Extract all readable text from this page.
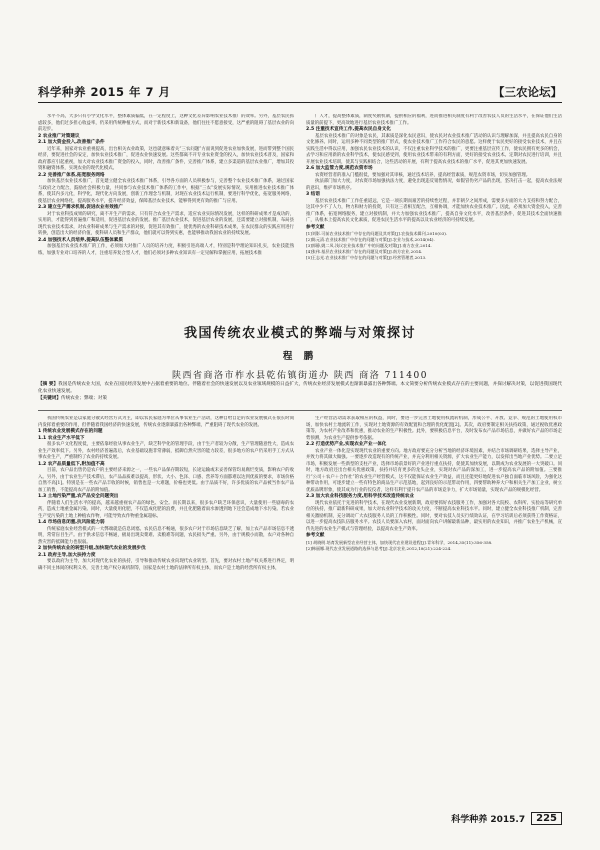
科学种养 2015 年 7 月	【三农论坛】

水平不高，大多只有小学文化水平，整体素质偏低，在一定程度上，这种文化差异影响农业技术推广的效率。另外，基层农民抓虑较多，他们过多担心收益率，仍采用传统种植方式，而对于新技术和新设备，他们往往不愿意接受，这严重的阻碍了基层农业的向前迈步。

2 农业推广对策建议

2.1 加大资金投入,改善推广条件

近年来，国家对农业重视提高，出台相关农业政策，这也就意味着关“三农问题”方面说到促进农业加快发展，进而带到整个国民经济，要促进社会的安定，加快农业技术推广，促进农业快速发展。这些都离不开专业农业资金的投入，加快农业技术普及，国家和政府都应引起重视，加大对农业技术推广资金的投入，同时，改善推广条件，完善推广体系，建立多渠道的基层农业推广，增加其投资和融资体系，实现农业的现代化模式。

2.2 完善推广体系,拓宽服务网络

加快基层农业技术推广，首先建立健全农业技术推广体系，引导各方面的人员积极参与，完善整个农业技术推广体系，通过国家与政府之力配合，鼓励社会积极力量，共同参与农业技术推广体系的工作中，根据“三农”发展实际情况，实用推进农业技术推广体系，使其内多元化，科学化，现代化方向发展，创新工作理念与机制，对现在农业技术运行机制，要进行科学优化，拓宽服务网络，使基层农业网络化，提高服务水平，提升经济效益，保障基层农业技术，能够得到更有效的推广与应用。

2.3 建立生产需求机制,促进农业有效推广

对于农业科技成果的研究，离不开生产的需求，只有符合农业生产需求，适应农业实际情况发展，这样的科研成果才是成功的，实用的，才能得到普遍推广和适用，促进基层农业的发展。推广基层农业技术，促进基层农业的发展，还需要建立对接机制，布局县现代农业技术需求，对农业科研成果与生产需求的对接，促进其有效推广，使优秀的农业科研技术成果，在农民群众的实践应用进行转换，创造出大的经济价值，使科研人员和生产群众，他们就可以得到实惠，也能够推动我国农业的持续发展。

2.4 加强技术人员培养,提高队伍整体素质

加强基层农业技术推广的工作，必须加大对推广人员的培养力度，积极引进高端人才，特别是科学理论知识扎实，农业技能熟练，加强专业对口培养的人才，注重培养复合型人才，他们必须对多种农业知识有一定见解和掌握应用，拓展技术推

广人才，提高整体素质，制度奖励机制，提供相应的福利，进而推进相关制度有利于改善农技人员的生活水平，在保证他们生活质量的前提下，更高效地进行基层农业技术推广工作。

2.5 注重技术宣传工作,提高农民自身文化

基层农业技术推广的对象是农民，其素质是深化农民意识，使农民对农业技术推广活动的认识与理解加深，并且提高农民自身的文化修养。同时，运用多种不同类型的推广形式，使农业技术推广工作符合农民的意愿。这样便于农民更好的接受农业技术，并且在实践生活中得以应用，加强农民农业技术的认识，不仅注重农业科学技术的推广，更要注重基层宣传工作，使农民拥有更多的机会，去学习和应用新的农业科学技术，使农民感受到，使用农业技术带来的有利方面，更好的接受农业技术。定期对农民进行培训，并且开展农业技术培训，使其与实践相结合，这些活动的开展，有利于提高农业技术的推广水平，促进其更加快速发展。

2.6 加大监管力度,规范农资市场

农资经营者的准入门槛很低，要加强对其审核，通过技术培养，提高经营素质，规范农资市场，切实加强管理。

执法部门加大力度，对农资市场加强执法力度，避免出现违反销售情况，如假冒伪劣产品的出现，坚决打击一起，提高农业法规的意识，维护市场秩序。

3 结语

基层农业技术推广工作任重道远，它是一项长期而艰苦的持续性过程，并非朝夕之间形成，需要多方面的大力支持和努力配合，这其中少不了人力，物力和财力的投资，只有这三者相互配合，互相协调，才能加快农业技术推广。因此，必须加大资金投入，完善推广体系，拓宽网络服务，建立对接机制，并大力加强农业技术推广，提高自身文化水平，改善基层条件，促进其技术全面快速推广，从根本上提高农民文化素质，促进农民生活水平的提高以及农业经济的可持续发展。

参考文献

[1]刘影.可前农业技术推广中存在的问题及其对策[J].农技技术辑刊,2010(03).

[2]陈元清.农业技术推广中存在的问题与对策[J].农业与技术,2014(04).

[3]郭静,姚二凤.浅议农业技术推广中的问题及对策[J].南方农业,2014.

[4]张伟.基层农业技术推广存在的问题及对策[J].南方农业,2014.

[5]王志光.农业技术推广中存在的问题与对策[J].经营管理者,2013.

我国传统农业模式的弊端与对策探讨

程 鹏

陕西省商洛市柞水县乾佑镇街道办 陕西 商洛 711400

【摘 要】我国是传统农业大国，农业在国民经济发展中占据着重要的地位。伴随着社会的快速发展以及农业领域规模的日益扩大，传统农业经济发展模式也渐渐暴露出各种弊端。本文简要分析传统农业模式存在的主要问题，并探讨解决对策，以促进我国现代化农业快速发展。

【关键词】传统农业；弊端；对策

我国传统农业是以家庭分散式经营方式为主，即以农民家庭为单位从事农业生产活动，这种自给自足的农业发展模式在很长时间内发挥着重要的作用，但伴随着我国经济的快速发展，传统农业逐渐暴露出各种弊端，严重阻碍了现代农业的发展。

1 传统农业发展模式存在的问题

1.1 农业生产水平低下

很多农户文化程度低，主要依靠经验从事农业生产，缺乏科学化的管理手段，由于生产者较为分散，生产管理随意性大，造成农业生产效率低下。另外，农村经济普遍落后，农业基础设施非常薄弱，抵御自然灾害的能力较差，很多地方的农户仍采用手工方式从事农业生产，严重制约了农业的持续发展。

1.2 农产品质量低下,附加值不高

目前，农户品出售仍是农户的主要经济来源之一，一些农户品保存期较短，长途运输或未妥善保管均易腐烂变质，影响农户的收入。另外，由于农业生产技术滞后，农产品品质难以提高，形状、大小、色泽、口感、营养等方面都难以达到优质的要求，市场价格自然不高[1]。特别是在一些农产品丰收的时候，销售也是一大难题，价格也更低。由于品质不好，许多优质的农产品被当作农产品加工销售，不能提高农产品的附加值。

1.3 土地污染严重,农产品安全问题突出

伴随着人们生活水平的提高，越来越重视农产品的绿色、安全。而长期以来，很多农户缺乏环保意识，大量使用一些剧毒的农药，造成土地重金属污染。同时，大量使用化肥，不仅造成化肥的浪费，并且化肥随着雨水渗透到地下还会造成地下水污染。若农业生产受污染的土地上种植农作物，可能导致农作物重金属超标。

1.4 市场信息闭塞,抗风险能力弱

传统家庭农业经营模式的一大弊端就是信息闭塞。农民信息不畅通，很多农户对于市场信息缺乏了解，加上农产品市场信息不透明，常常盲目生产。由于供求信息不畅通，极易出现卖菜难、卖粮难等问题，农民损失严重。另外，由于规模小而散，农户对各种自然灾害的抵御能力也很弱。

2 加快传统农业的转型升级,加快现代农业的发展步伐

2.1 政府主导,加大扶持力度

要以政府为主导，加大对现代化农业的扶持，引导和推动传统农业向现代农业转型。首先，要对农村土地产权关系进行界定，明确不同主体间的权利义务，完善土地产权分离机制等，国家是农村土地的法律所有权主体，而农户是土地的经营所有权主体，

生产经营活动需求获取相应的权益，同时，要进一步完善土地使用权流转机制，形成公平、开放、竞争、规范的土地使用权市场，加快农村土地流转工作，实现对土地资源的有效配置和合理的优化配置[2]。其次，政府要制定相关扶持政策，通过税收优惠政策等，为农村产业改革和优惠，推动农业的生产积极性。此外，要积极信息平台，及时发布农产品市场信息，并做好农产品的市场走势预测，为农业生产提供参考依据。

2.2 打造优势产业,实现农业产业一体化

农业产业一体化是实现现代农业的重要方向。地方政府要充分分析当地的经济环境因素，并结合市场调研结果，选择主导产业，并致力将其做大做强。一要逐步改造现有的传统产业，并充分利用相关资源，扩大农业生产能力，以发挥出当地产业优势。二要立足市场，积极发展一些新型的支柱产业，选择市场前景好的产业进行重点扶持，促使其加快发展，以期成为农业发展的一大突破口。同时，地方政府还出台相关优惠政策，扶持并培育更多的龙头企业，实现对农产品的深加工，进一步提高农产品的附加值。三要推行“公司＋农户＋合作社”的农业生产经营模式，这不仅能保证农业生产效益，而且还能更好地促进农户独自面临市场风险，为强化这种带动作用，可逐步建立一些有特色的商品生产示范基地，起到良好的示范带动作用，四要帮助种养大户和相关生产加工企业，树立优质品牌形象，使其成为行业的佼佼者，这样有利于提升农产品的市场竞争力，扩大市场销量，实现农产品的规模化经营。

2.3 加大农业科技服务力度,用科学技术改造传统农业

现代农业依托于先进的科学技术，在现代农业发展新期，政府要抓好农技服务工作，加强对各大院校、农科所、实验站等研究单位的扶持，推广最新科研成果，加大对农业科学技术的攻关力度，不断提高农业科技水平。同时，建立健全农业科技推广机制，完善相关激励机制，充分调动广大农技服务人员的工作积极性。同时，要对农技人员实行绩效认证，在学习培训后必须获得工作资格证，以进一步提高农技队伍服务水平。农技人员要深入农村，面对面向农户讲解最新品种，最实用的农业知识，并推广农业生产机械，宣传先进的农业生产模式与管理经验，以提高农业生产效率。

参考文献

[1] 胡晓明.培育发展新型农业经营主体，加快现代农业建设进程[J].青年科学，2014,35(11):356-358.

[2]韩丽娜.现代农业发展道路的选择与思考[J].北京农业,2012,18(21):224-224.

科学种养 2015.7	225
